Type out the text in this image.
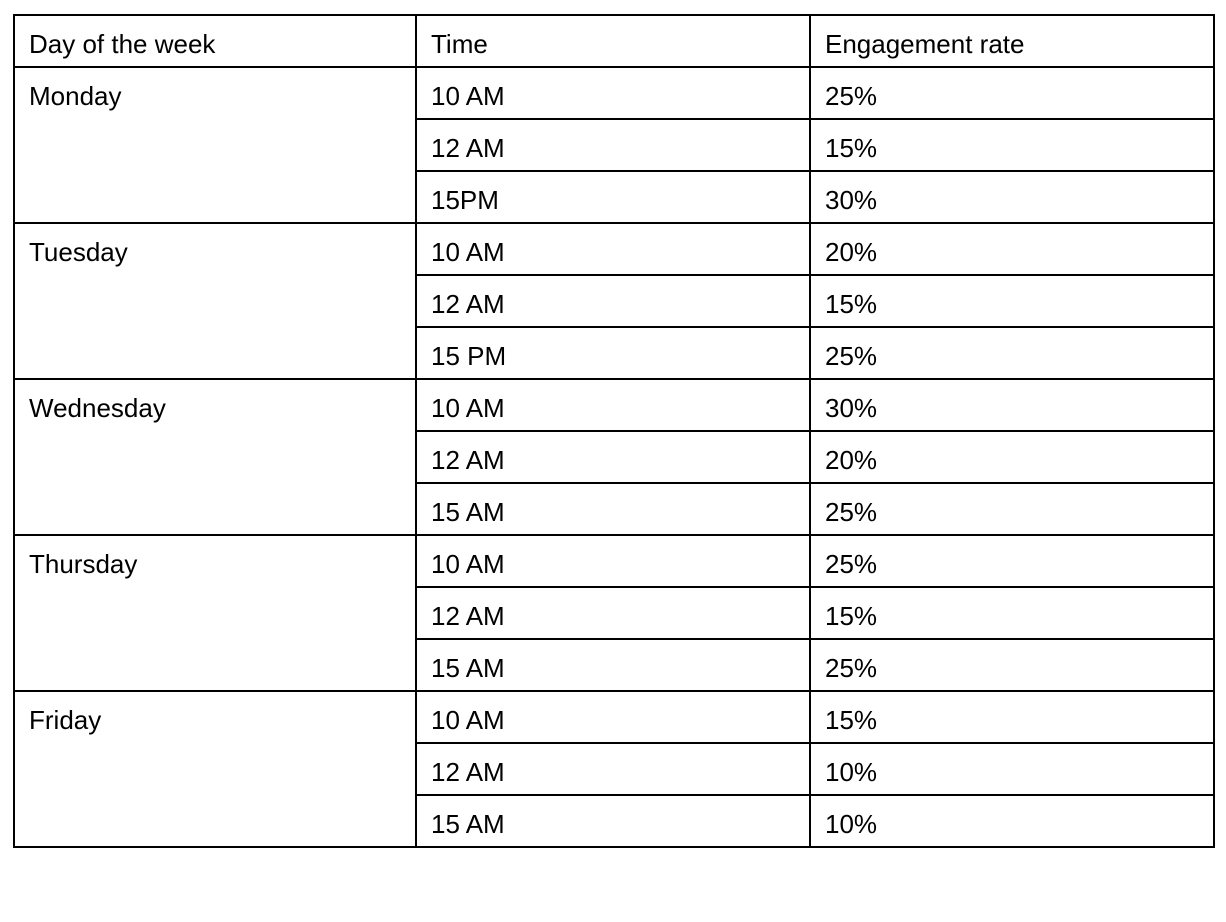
Day of the week	Time	Engagement rate
Monday	10 AM	25%
	12 AM	15%
	15PM	30%
Tuesday	10 AM	20%
	12 AM	15%
	15 PM	25%
Wednesday	10 AM	30%
	12 AM	20%
	15 AM	25%
Thursday	10 AM	25%
	12 AM	15%
	15 AM	25%
Friday	10 AM	15%
	12 AM	10%
	15 AM	10%
